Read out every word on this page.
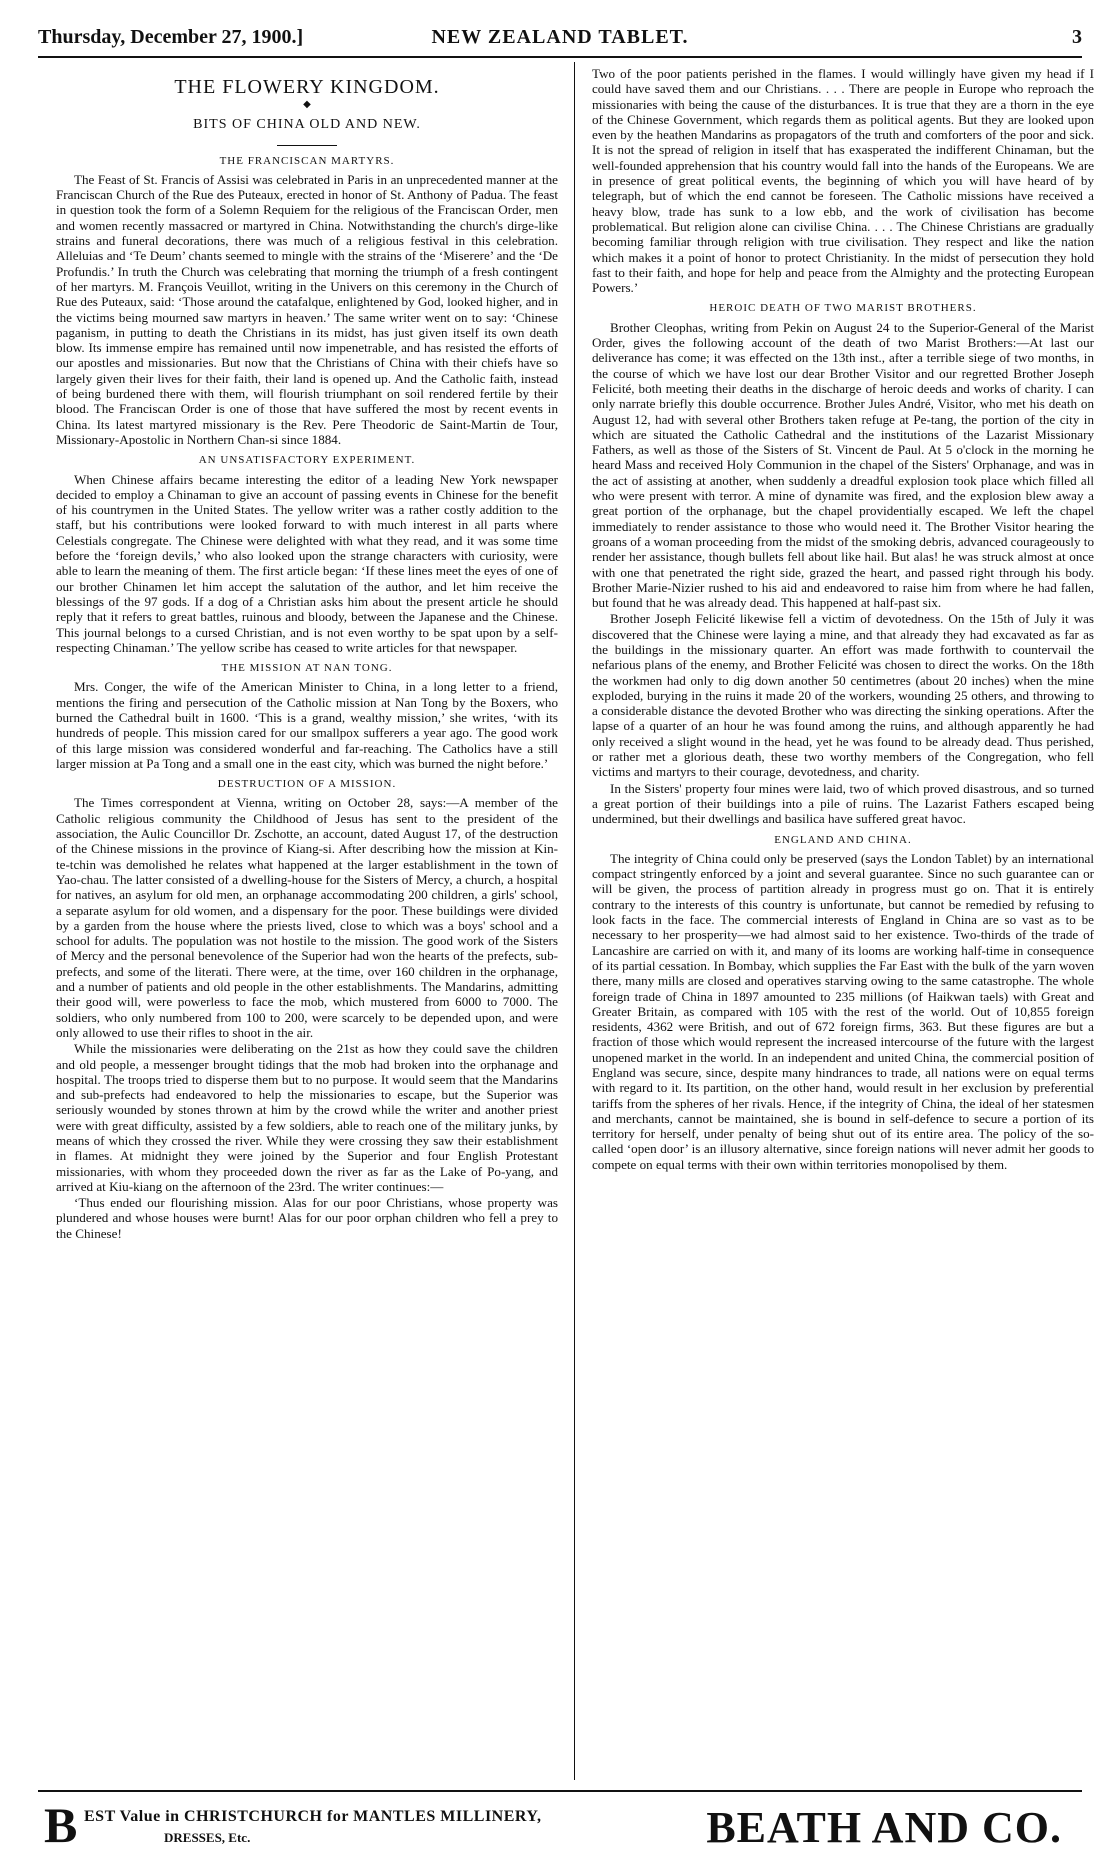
Thursday, December 27, 1900.]	NEW ZEALAND TABLET.	3
THE FLOWERY KINGDOM.
◆
BITS OF CHINA OLD AND NEW.
THE FRANCISCAN MARTYRS.

The Feast of St. Francis of Assisi was celebrated in Paris in an unprecedented manner at the Franciscan Church of the Rue des Puteaux, erected in honor of St. Anthony of Padua. The feast in question took the form of a Solemn Requiem for the religious of the Franciscan Order, men and women recently massacred or martyred in China. Notwithstanding the church's dirge-like strains and funeral decorations, there was much of a religious festival in this celebration. Alleluias and ‘Te Deum’ chants seemed to mingle with the strains of the ‘Miserere’ and the ‘De Profundis.’ In truth the Church was celebrating that morning the triumph of a fresh contingent of her martyrs. M. François Veuillot, writing in the Univers on this ceremony in the Church of Rue des Puteaux, said: ‘Those around the catafalque, enlightened by God, looked higher, and in the victims being mourned saw martyrs in heaven.’ The same writer went on to say: ‘Chinese paganism, in putting to death the Christians in its midst, has just given itself its own death blow. Its immense empire has remained until now impenetrable, and has resisted the efforts of our apostles and missionaries. But now that the Christians of China with their chiefs have so largely given their lives for their faith, their land is opened up. And the Catholic faith, instead of being burdened there with them, will flourish triumphant on soil rendered fertile by their blood. The Franciscan Order is one of those that have suffered the most by recent events in China. Its latest martyred missionary is the Rev. Pere Theodoric de Saint-Martin de Tour, Missionary-Apostolic in Northern Chan-si since 1884.

AN UNSATISFACTORY EXPERIMENT.

When Chinese affairs became interesting the editor of a leading New York newspaper decided to employ a Chinaman to give an account of passing events in Chinese for the benefit of his countrymen in the United States. The yellow writer was a rather costly addition to the staff, but his contributions were looked forward to with much interest in all parts where Celestials congregate. The Chinese were delighted with what they read, and it was some time before the ‘foreign devils,’ who also looked upon the strange characters with curiosity, were able to learn the meaning of them. The first article began: ‘If these lines meet the eyes of one of our brother Chinamen let him accept the salutation of the author, and let him receive the blessings of the 97 gods. If a dog of a Christian asks him about the present article he should reply that it refers to great battles, ruinous and bloody, between the Japanese and the Chinese. This journal belongs to a cursed Christian, and is not even worthy to be spat upon by a self-respecting Chinaman.’ The yellow scribe has ceased to write articles for that newspaper.

THE MISSION AT NAN TONG.

Mrs. Conger, the wife of the American Minister to China, in a long letter to a friend, mentions the firing and persecution of the Catholic mission at Nan Tong by the Boxers, who burned the Cathedral built in 1600. ‘This is a grand, wealthy mission,’ she writes, ‘with its hundreds of people. This mission cared for our smallpox sufferers a year ago. The good work of this large mission was considered wonderful and far-reaching. The Catholics have a still larger mission at Pa Tong and a small one in the east city, which was burned the night before.’

DESTRUCTION OF A MISSION.

The Times correspondent at Vienna, writing on October 28, says:—A member of the Catholic religious community the Childhood of Jesus has sent to the president of the association, the Aulic Councillor Dr. Zschotte, an account, dated August 17, of the destruction of the Chinese missions in the province of Kiang-si. After describing how the mission at Kin-te-tchin was demolished he relates what happened at the larger establishment in the town of Yao-chau. The latter consisted of a dwelling-house for the Sisters of Mercy, a church, a hospital for natives, an asylum for old men, an orphanage accommodating 200 children, a girls' school, a separate asylum for old women, and a dispensary for the poor. These buildings were divided by a garden from the house where the priests lived, close to which was a boys' school and a school for adults. The population was not hostile to the mission. The good work of the Sisters of Mercy and the personal benevolence of the Superior had won the hearts of the prefects, sub-prefects, and some of the literati. There were, at the time, over 160 children in the orphanage, and a number of patients and old people in the other establishments. The Mandarins, admitting their good will, were powerless to face the mob, which mustered from 6000 to 7000. The soldiers, who only numbered from 100 to 200, were scarcely to be depended upon, and were only allowed to use their rifles to shoot in the air.

While the missionaries were deliberating on the 21st as how they could save the children and old people, a messenger brought tidings that the mob had broken into the orphanage and hospital. The troops tried to disperse them but to no purpose. It would seem that the Mandarins and sub-prefects had endeavored to help the missionaries to escape, but the Superior was seriously wounded by stones thrown at him by the crowd while the writer and another priest were with great difficulty, assisted by a few soldiers, able to reach one of the military junks, by means of which they crossed the river. While they were crossing they saw their establishment in flames. At midnight they were joined by the Superior and four English Protestant missionaries, with whom they proceeded down the river as far as the Lake of Po-yang, and arrived at Kiu-kiang on the afternoon of the 23rd. The writer continues:—

‘Thus ended our flourishing mission. Alas for our poor Christians, whose property was plundered and whose houses were burnt! Alas for our poor orphan children who fell a prey to the Chinese!

Two of the poor patients perished in the flames. I would willingly have given my head if I could have saved them and our Christians. . . . There are people in Europe who reproach the missionaries with being the cause of the disturbances. It is true that they are a thorn in the eye of the Chinese Government, which regards them as political agents. But they are looked upon even by the heathen Mandarins as propagators of the truth and comforters of the poor and sick. It is not the spread of religion in itself that has exasperated the indifferent Chinaman, but the well-founded apprehension that his country would fall into the hands of the Europeans. We are in presence of great political events, the beginning of which you will have heard of by telegraph, but of which the end cannot be foreseen. The Catholic missions have received a heavy blow, trade has sunk to a low ebb, and the work of civilisation has become problematical. But religion alone can civilise China. . . . The Chinese Christians are gradually becoming familiar through religion with true civilisation. They respect and like the nation which makes it a point of honor to protect Christianity. In the midst of persecution they hold fast to their faith, and hope for help and peace from the Almighty and the protecting European Powers.’

HEROIC DEATH OF TWO MARIST BROTHERS.

Brother Cleophas, writing from Pekin on August 24 to the Superior-General of the Marist Order, gives the following account of the death of two Marist Brothers:—At last our deliverance has come; it was effected on the 13th inst., after a terrible siege of two months, in the course of which we have lost our dear Brother Visitor and our regretted Brother Joseph Felicité, both meeting their deaths in the discharge of heroic deeds and works of charity. I can only narrate briefly this double occurrence. Brother Jules André, Visitor, who met his death on August 12, had with several other Brothers taken refuge at Pe-tang, the portion of the city in which are situated the Catholic Cathedral and the institutions of the Lazarist Missionary Fathers, as well as those of the Sisters of St. Vincent de Paul. At 5 o'clock in the morning he heard Mass and received Holy Communion in the chapel of the Sisters' Orphanage, and was in the act of assisting at another, when suddenly a dreadful explosion took place which filled all who were present with terror. A mine of dynamite was fired, and the explosion blew away a great portion of the orphanage, but the chapel providentially escaped. We left the chapel immediately to render assistance to those who would need it. The Brother Visitor hearing the groans of a woman proceeding from the midst of the smoking debris, advanced courageously to render her assistance, though bullets fell about like hail. But alas! he was struck almost at once with one that penetrated the right side, grazed the heart, and passed right through his body. Brother Marie-Nizier rushed to his aid and endeavored to raise him from where he had fallen, but found that he was already dead. This happened at half-past six.

Brother Joseph Felicité likewise fell a victim of devotedness. On the 15th of July it was discovered that the Chinese were laying a mine, and that already they had excavated as far as the buildings in the missionary quarter. An effort was made forthwith to countervail the nefarious plans of the enemy, and Brother Felicité was chosen to direct the works. On the 18th the workmen had only to dig down another 50 centimetres (about 20 inches) when the mine exploded, burying in the ruins it made 20 of the workers, wounding 25 others, and throwing to a considerable distance the devoted Brother who was directing the sinking operations. After the lapse of a quarter of an hour he was found among the ruins, and although apparently he had only received a slight wound in the head, yet he was found to be already dead. Thus perished, or rather met a glorious death, these two worthy members of the Congregation, who fell victims and martyrs to their courage, devotedness, and charity.

In the Sisters' property four mines were laid, two of which proved disastrous, and so turned a great portion of their buildings into a pile of ruins. The Lazarist Fathers escaped being undermined, but their dwellings and basilica have suffered great havoc.

ENGLAND AND CHINA.

The integrity of China could only be preserved (says the London Tablet) by an international compact stringently enforced by a joint and several guarantee. Since no such guarantee can or will be given, the process of partition already in progress must go on. That it is entirely contrary to the interests of this country is unfortunate, but cannot be remedied by refusing to look facts in the face. The commercial interests of England in China are so vast as to be necessary to her prosperity—we had almost said to her existence. Two-thirds of the trade of Lancashire are carried on with it, and many of its looms are working half-time in consequence of its partial cessation. In Bombay, which supplies the Far East with the bulk of the yarn woven there, many mills are closed and operatives starving owing to the same catastrophe. The whole foreign trade of China in 1897 amounted to 235 millions (of Haikwan taels) with Great and Greater Britain, as compared with 105 with the rest of the world. Out of 10,855 foreign residents, 4362 were British, and out of 672 foreign firms, 363. But these figures are but a fraction of those which would represent the increased intercourse of the future with the largest unopened market in the world. In an independent and united China, the commercial position of England was secure, since, despite many hindrances to trade, all nations were on equal terms with regard to it. Its partition, on the other hand, would result in her exclusion by preferential tariffs from the spheres of her rivals. Hence, if the integrity of China, the ideal of her statesmen and merchants, cannot be maintained, she is bound in self-defence to secure a portion of its territory for herself, under penalty of being shut out of its entire area. The policy of the so-called ‘open door’ is an illusory alternative, since foreign nations will never admit her goods to compete on equal terms with their own within territories monopolised by them.

B EST Value in CHRISTCHURCH for MANTLES MILLINERY,
DRESSES, Etc.	BEATH AND CO.
